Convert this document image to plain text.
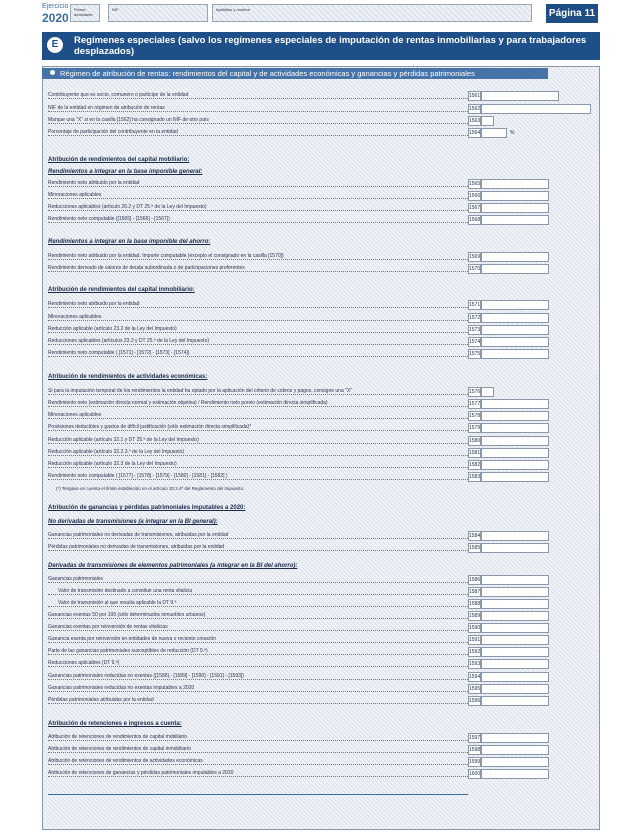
Ejercicio
2020
Primer
declarante
NIF	Apellidos y nombre	Página 11
E	Regímenes especiales (salvo los regímenes especiales de imputación de rentas inmobiliarias y para trabajadores desplazados)
Régimen de atribución de rentas: rendimientos del capital y de actividades económicas y ganancias y pérdidas patrimoniales
Atribución de rendimientos del capital mobiliario:
Rendimientos a integrar en la base imponible general:
Rendimientos a integrar en la base imponible del ahorro:
Atribución de rendimientos del capital inmobiliario:
Atribución de rendimientos de actividades económicas:
Atribución de ganancias y pérdidas patrimoniales imputables a 2020:
No derivadas de transmisiones (a integrar en la BI general):
Derivadas de transmisiones de elementos patrimoniales (a integrar en la BI del ahorro):
Atribución de retenciones e ingresos a cuenta:
Contribuyente que es socio, comunero o partícipe de la entidad	1561
NIF de la entidad en régimen de atribución de rentas	1562
Marque una "X" si en la casilla [1562] ha consignado un NIF de otro país	1563
Porcentaje de participación del contribuyente en la entidad	1564	%
Rendimiento neto atribuido por la entidad	1565
Minoraciones aplicables	1566
Reducciones aplicables (artículo 26.2 y DT 25.ª de la Ley del Impuesto)	1567
Rendimiento neto computable ([1565] - [1566] - [1567])	1568
Rendimiento neto atribuido por la entidad. Importe computable (excepto el consignado en la casilla [1570])	1569
Rendimiento derivado de valores de deuda subordinada o de participaciones preferentes	1570
Rendimiento neto atribuido por la entidad	1571
Minoraciones aplicables	1572
Reducción aplicable (artículo 23.2 de la Ley del Impuesto)	1573
Reducciones aplicables (artículos 23.3 y DT 25.ª de la Ley del Impuesto)	1574
Rendimiento neto computable ( [1571] - [1572] - [1573] - [1574])	1575
Si para la imputación temporal de los rendimientos la entidad ha optado por la aplicación del criterio de cobros y pagos, consigne una "X"	1576
Rendimiento neto (estimación directa normal y estimación objetiva) / Rendimiento neto previo (estimación directa simplificada)	1577
Minoraciones aplicables	1578
Provisiones deducibles y gastos de difícil justificación (sólo estimación directa simplificada)*	1579
Reducción aplicable (artículo 32.1 y DT 25.ª de la Ley del Impuesto)	1580
Reducción aplicable (artículo 32.2.3.º de la Ley del Impuesto)	1581
Reducción aplicable (artículo 32.3 de la Ley del Impuesto)	1582
Rendimiento neto computable ( [1577] - [1578] - [1579] - [1580] - [1581] - [1582] )	1583
Ganancias patrimoniales no derivadas de transmisiones, atribuidas por la entidad	1584
Pérdidas patrimoniales no derivadas de transmisiones, atribuidas por la entidad	1585
Ganancias patrimoniales	1586
Valor de transmisión destinado a constituir una renta vitalicia	1587
Valor de transmisión al que resulta aplicable la DT 9.ª	1588
Ganancias exentas 50 por 100 (sólo determinados inmuebles urbanos)	1589
Ganancias exentas por reinversión de rentas vitalicias	1590
Ganancia exenta por reinversión en entidades de nueva o reciente creación	1591
Parte de las ganancias patrimoniales susceptibles de reducción (DT 9.ª)	1592
Reducciones aplicables (DT 9.ª)	1593
Ganancias patrimoniales reducidas no exentas ([1586] - [1589] - [1590] - [1591] - [1593])	1594
Ganancias patrimoniales reducidas no exentas imputables a 2020	1595
Pérdidas patrimoniales atribuidas por la entidad	1596
Atribución de retenciones de rendimientos de capital mobiliario	1597
Atribución de retenciones de rendimientos de capital inmobiliario	1598
Atribución de retenciones de rendimientos de actividades económicas	1599
Atribución de retenciones de ganancias y pérdidas patrimoniales imputables a 2020	1600
(*) Tengase en cuenta el límite establecido en el artículo 30.2.4ª del Reglamento del Impuesto.
